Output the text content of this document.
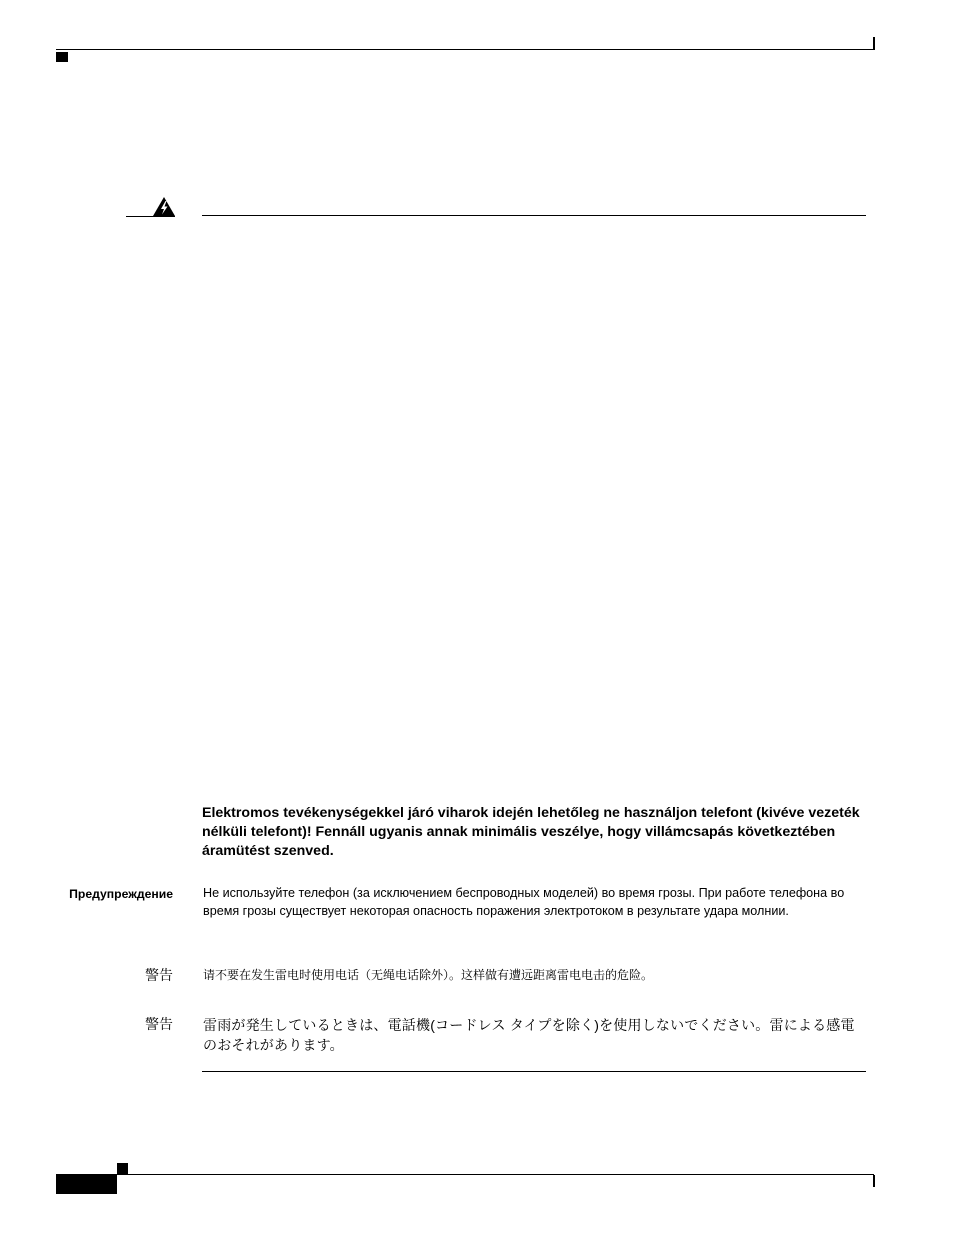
Elektromos tevékenységekkel járó viharok idején lehetőleg ne használjon telefont (kivéve vezeték nélküli telefont)! Fennáll ugyanis annak minimális veszélye, hogy villámcsapás következtében áramütést szenved.
Предупреждение Не используйте телефон (за исключением беспроводных моделей) во время грозы. При работе телефона во время грозы существует некоторая опасность поражения электротоком в результате удара молнии.
警告	请不要在发生雷电时使用电话（无绳电话除外）。这样做有遭远距离雷电电击的危险。
警告 雷雨が発生しているときは、電話機(コードレス タイプを除く)を使用しないでください。雷による感電のおそれがあります。
